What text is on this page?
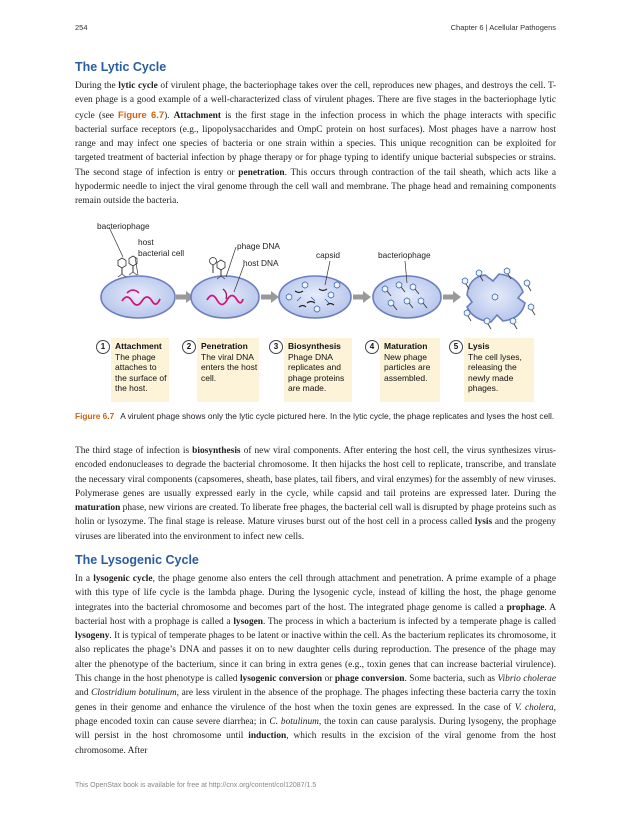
254	Chapter 6 | Acellular Pathogens
The Lytic Cycle

During the lytic cycle of virulent phage, the bacteriophage takes over the cell, reproduces new phages, and destroys the cell. T-even phage is a good example of a well-characterized class of virulent phages. There are five stages in the bacteriophage lytic cycle (see Figure 6.7). Attachment is the first stage in the infection process in which the phage interacts with specific bacterial surface receptors (e.g., lipopolysaccharides and OmpC protein on host surfaces). Most phages have a narrow host range and may infect one species of bacteria or one strain within a species. This unique recognition can be exploited for targeted treatment of bacterial infection by phage therapy or for phage typing to identify unique bacterial subspecies or strains. The second stage of infection is entry or penetration. This occurs through contraction of the tail sheath, which acts like a hypodermic needle to inject the viral genome through the cell wall and membrane. The phage head and remaining components remain outside the bacteria.

bacteriophage
host
bacterial cell
phage DNA
host DNA
capsid	bacteriophage
1	Attachment
The phage attaches to the surface of the host.
2	Penetration
The viral DNA enters the host cell.
3	Biosynthesis
Phage DNA replicates and phage proteins are made.
4	Maturation
New phage particles are assembled.
5	Lysis
The cell lyses, releasing the newly made phages.

Figure 6.7 A virulent phage shows only the lytic cycle pictured here. In the lytic cycle, the phage replicates and lyses the host cell.

The third stage of infection is biosynthesis of new viral components. After entering the host cell, the virus synthesizes virus-encoded endonucleases to degrade the bacterial chromosome. It then hijacks the host cell to replicate, transcribe, and translate the necessary viral components (capsomeres, sheath, base plates, tail fibers, and viral enzymes) for the assembly of new viruses. Polymerase genes are usually expressed early in the cycle, while capsid and tail proteins are expressed later. During the maturation phase, new virions are created. To liberate free phages, the bacterial cell wall is disrupted by phage proteins such as holin or lysozyme. The final stage is release. Mature viruses burst out of the host cell in a process called lysis and the progeny viruses are liberated into the environment to infect new cells.

The Lysogenic Cycle

In a lysogenic cycle, the phage genome also enters the cell through attachment and penetration. A prime example of a phage with this type of life cycle is the lambda phage. During the lysogenic cycle, instead of killing the host, the phage genome integrates into the bacterial chromosome and becomes part of the host. The integrated phage genome is called a prophage. A bacterial host with a prophage is called a lysogen. The process in which a bacterium is infected by a temperate phage is called lysogeny. It is typical of temperate phages to be latent or inactive within the cell. As the bacterium replicates its chromosome, it also replicates the phage’s DNA and passes it on to new daughter cells during reproduction. The presence of the phage may alter the phenotype of the bacterium, since it can bring in extra genes (e.g., toxin genes that can increase bacterial virulence). This change in the host phenotype is called lysogenic conversion or phage conversion. Some bacteria, such as Vibrio cholerae and Clostridium botulinum, are less virulent in the absence of the prophage. The phages infecting these bacteria carry the toxin genes in their genome and enhance the virulence of the host when the toxin genes are expressed. In the case of V. cholera, phage encoded toxin can cause severe diarrhea; in C. botulinum, the toxin can cause paralysis. During lysogeny, the prophage will persist in the host chromosome until induction, which results in the excision of the viral genome from the host chromosome. After

This OpenStax book is available for free at http://cnx.org/content/col12087/1.5
